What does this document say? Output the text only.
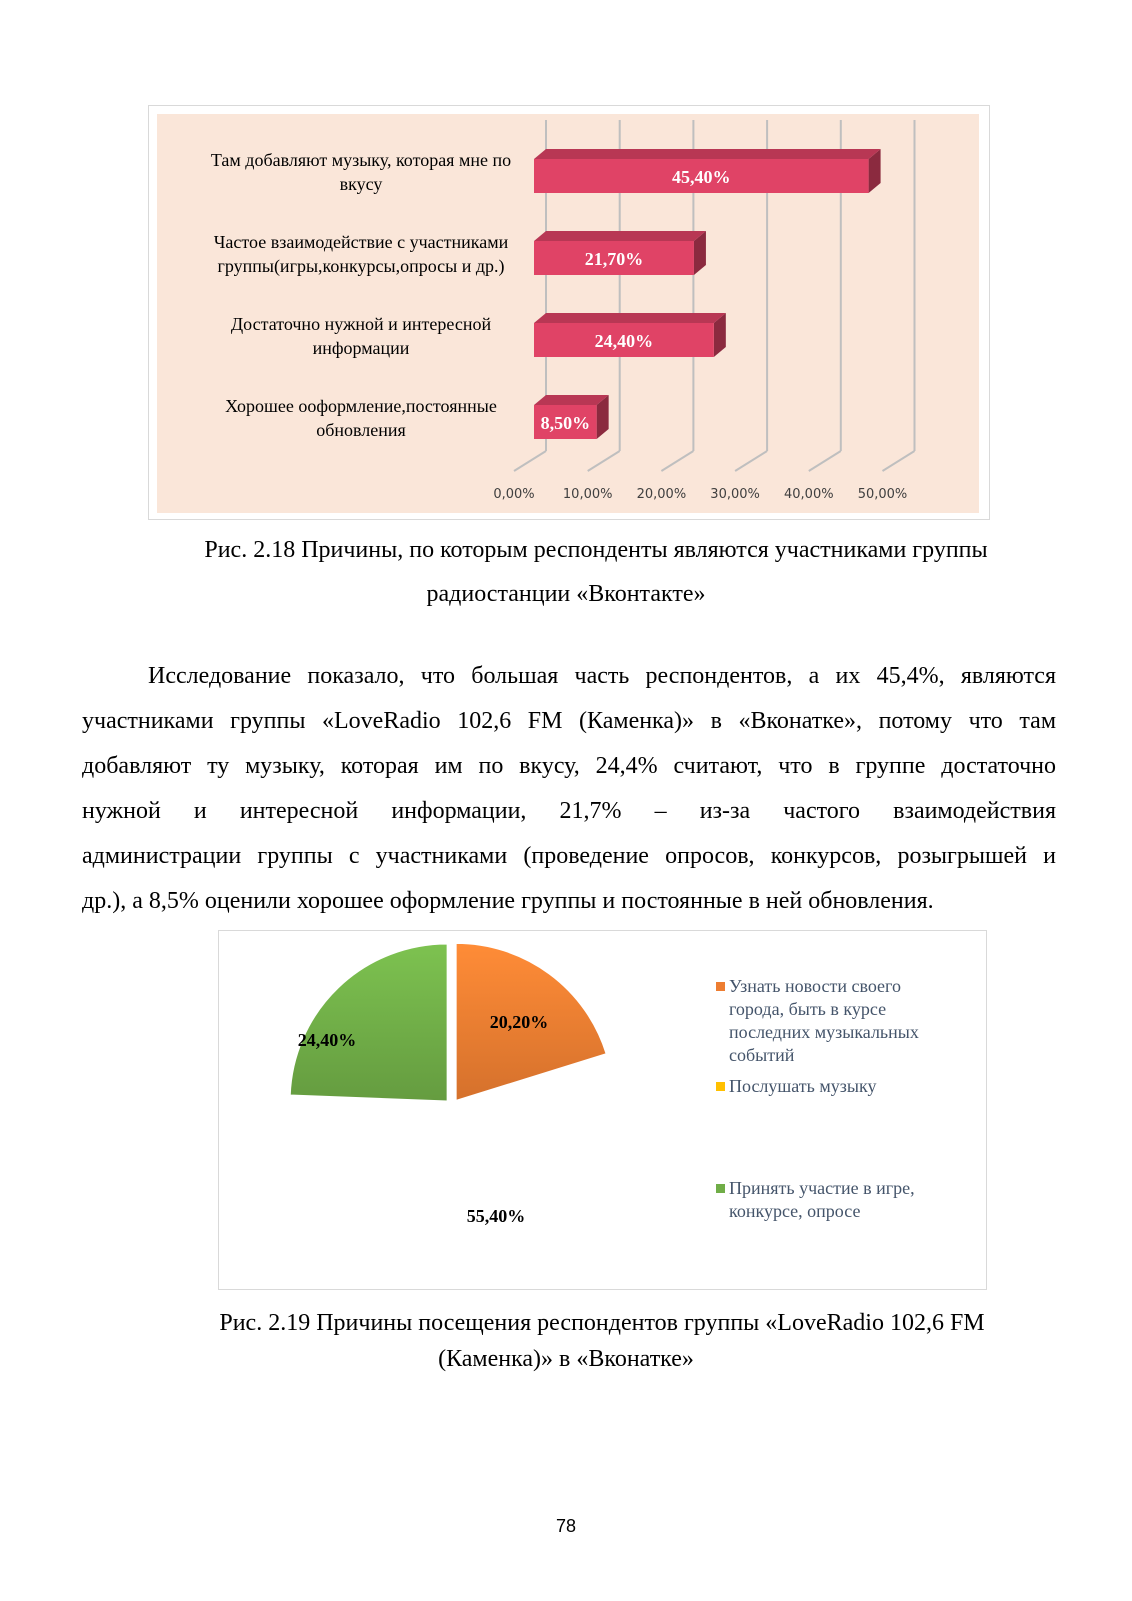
0,00% 10,00% 20,00% 30,00% 40,00% 50,00%
45,40%
Там добавляют музыку, которая мне по
вкусу
21,70%
Частое взаимодействие с участниками
группы(игры,конкурсы,опросы и др.)
24,40%
Достаточно нужной и интересной
информации
8,50%
Хорошее ооформление,постоянные
обновления
Рис. 2.18 Причины, по которым респонденты являются участниками группы
радиостанции «Вконтакте»
Исследование показало, что большая часть респондентов, а их 45,4%, являются
участниками группы «LoveRadio 102,6 FM (Каменка)» в «Вконатке», потому что там
добавляют ту музыку, которая им по вкусу, 24,4% считают, что в группе достаточно
нужной и интересной информации, 21,7% – из-за частого взаимодействия
администрации группы с участниками (проведение опросов, конкурсов, розыгрышей и
др.), а 8,5% оценили хорошее оформление группы и постоянные в ней обновления.
20,20%
55,40%
24,40%
Узнать новости своего
города, быть в курсе
последних музыкальных
событий
Послушать музыку
Принять участие в игре,
конкурсе, опросе
Рис. 2.19 Причины посещения респондентов группы «LoveRadio 102,6 FM
(Каменка)» в «Вконатке»
78
